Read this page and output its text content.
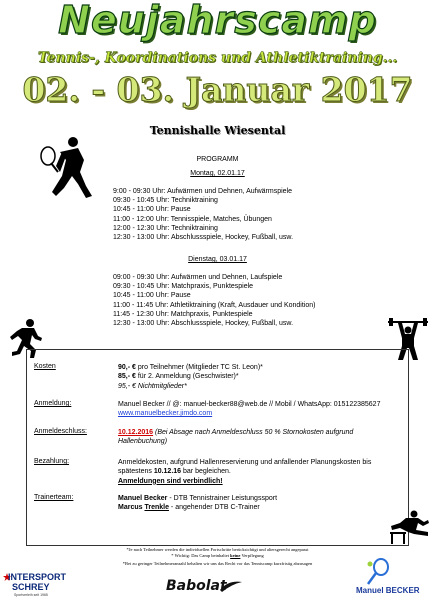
Neujahrscamp
Tennis-, Koordinations und Athletiktraining...
02. - 03. Januar 2017
Tennishalle Wiesental
PROGRAMM
Montag, 02.01.17
9:00 - 09:30 Uhr: Aufwärmen und Dehnen, Aufwärmspiele
09:30 - 10:45 Uhr: Techniktraining
10:45 - 11:00 Uhr: Pause
11:00 - 12:00 Uhr: Tennisspiele, Matches, Übungen
12:00 - 12:30 Uhr: Techniktraining
12:30 - 13:00 Uhr: Abschlussspiele, Hockey, Fußball, usw.
Dienstag, 03.01.17
09:00 - 09:30 Uhr: Aufwärmen und Dehnen, Laufspiele
09:30 - 10:45 Uhr: Matchpraxis, Punktespiele
10:45 - 11:00 Uhr: Pause
11:00 - 11:45 Uhr: Athletiktraining (Kraft, Ausdauer und Kondition)
11:45 - 12:30 Uhr: Matchpraxis, Punktespiele
12:30 - 13:00 Uhr: Abschlussspiele, Hockey, Fußball, usw.
Kosten	90,- € pro Teilnehmer (Mitglieder TC St. Leon)*
85,- € für 2. Anmeldung (Geschwister)*
95,- € Nichtmitglieder*
Anmeldung:	Manuel Becker // @: manuel-becker88@web.de // Mobil / WhatsApp: 015122385627
www.manuelbecker.jimdo.com
Anmeldeschluss:	10.12.2016 (Bei Absage nach Anmeldeschluss 50 % Stornokosten aufgrund
Hallenbuchung)
Bezahlung:	Anmeldekosten, aufgrund Hallenreservierung und anfallender Planungskosten bis
spätestens 10.12.16 bar begleichen.
Anmeldungen sind verbindlich!
Trainerteam:	Manuel Becker - DTB Tennistrainer Leistungssport
Marcus Trenkle - angehender DTB C-Trainer
*Je nach Teilnehmer werden die individuellen Fortschritte berücksichtigt und altersgerecht angepasst
* Wichtig: Das Camp beinhaltet keine Verpflegung
*Bei zu geringer Teilnehmeranzahl behalten wir uns das Recht vor das Tenniscamp kurzfristig abzusagen
INTERSPORT
SCHREY
Sportverleih seit 1965
Babolat	Manuel BECKER
